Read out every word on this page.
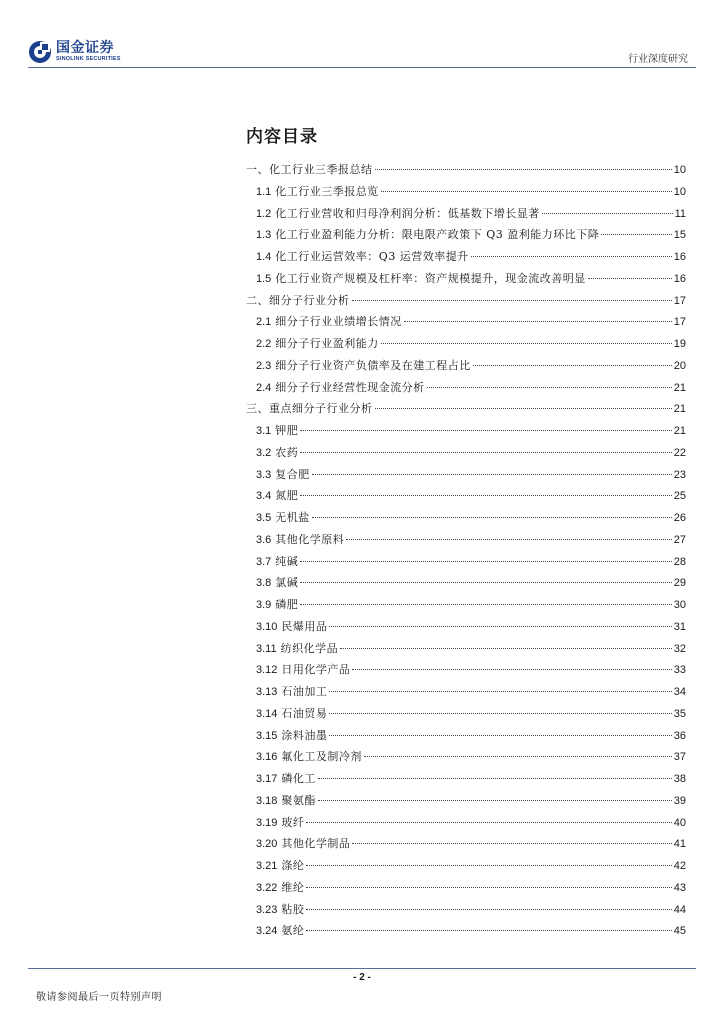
国金证券
SINOLINK SECURITIES	行业深度研究
内容目录
一、化工行业三季报总结	10
1.1 化工行业三季报总览	10
1.2 化工行业营收和归母净利润分析：低基数下增长显著	11
1.3 化工行业盈利能力分析：限电限产政策下 Q3 盈利能力环比下降	15
1.4 化工行业运营效率：Q3 运营效率提升	16
1.5 化工行业资产规模及杠杆率：资产规模提升，现金流改善明显	16
二、细分子行业分析	17
2.1 细分子行业业绩增长情况	17
2.2 细分子行业盈利能力	19
2.3 细分子行业资产负债率及在建工程占比	20
2.4 细分子行业经营性现金流分析	21
三、重点细分子行业分析	21
3.1 钾肥	21
3.2 农药	22
3.3 复合肥	23
3.4 氮肥	25
3.5 无机盐	26
3.6 其他化学原料	27
3.7 纯碱	28
3.8 氯碱	29
3.9 磷肥	30
3.10 民爆用品	31
3.11 纺织化学品	32
3.12 日用化学产品	33
3.13 石油加工	34
3.14 石油贸易	35
3.15 涂料油墨	36
3.16 氟化工及制冷剂	37
3.17 磷化工	38
3.18 聚氨酯	39
3.19 玻纤	40
3.20 其他化学制品	41
3.21 涤纶	42
3.22 维纶	43
3.23 粘胶	44
3.24 氨纶	45
- 2 -
敬请参阅最后一页特别声明
